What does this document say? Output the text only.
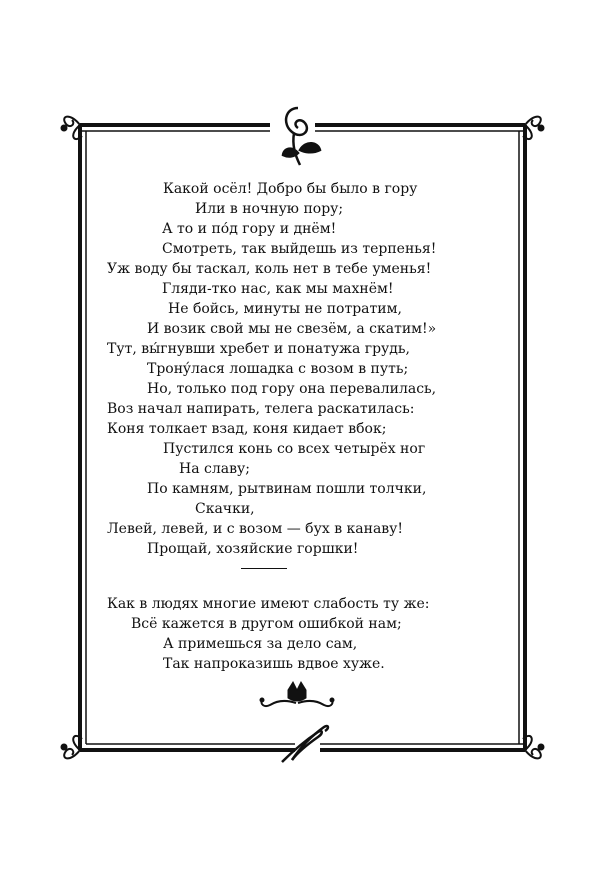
Какой осёл! Добро бы было в гору
Или в ночную пору;
А то и по́д гору и днём!
Смотреть, так выйдешь из терпенья!
Уж воду бы таскал, коль нет в тебе уменья!
Гляди-тко нас, как мы махнём!
Не бойсь, минуты не потратим,
И возик свой мы не свезём, а скатим!»
Тут, вы́гнувши хребет и понатужа грудь,
Тронýлася лошадка с возом в путь;
Но, только под гору она перевалилась,
Воз начал напирать, телега раскатилась:
Коня толкает взад, коня кидает вбок;
Пустился конь со всех четырёх ног
На славу;
По камням, рытвинам пошли толчки,
Скачки,
Левей, левей, и с возом — бух в канаву!
Прощай, хозяйские горшки!
Как в людях многие имеют слабость ту же:
Всё кажется в другом ошибкой нам;
А примешься за дело сам,
Так напроказишь вдвое хуже.
